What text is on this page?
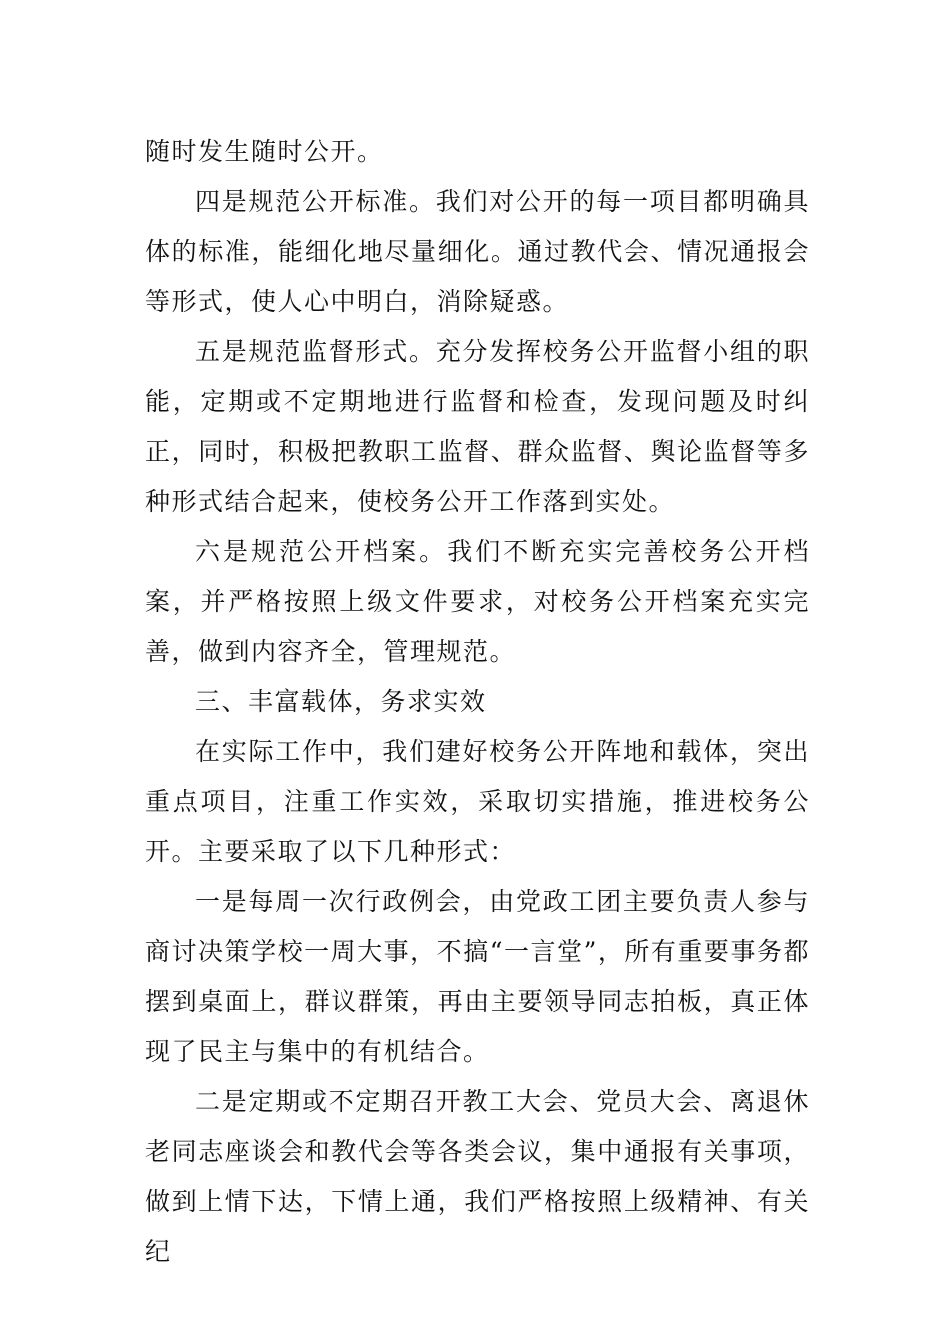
随时发生随时公开。

四是规范公开标准。我们对公开的每一项目都明确具体的标准，能细化地尽量细化。通过教代会、情况通报会等形式，使人心中明白，消除疑惑。

五是规范监督形式。充分发挥校务公开监督小组的职能，定期或不定期地进行监督和检查，发现问题及时纠正，同时，积极把教职工监督、群众监督、舆论监督等多种形式结合起来，使校务公开工作落到实处。

六是规范公开档案。我们不断充实完善校务公开档案，并严格按照上级文件要求，对校务公开档案充实完善，做到内容齐全，管理规范。

三、丰富载体，务求实效

在实际工作中，我们建好校务公开阵地和载体，突出重点项目，注重工作实效，采取切实措施，推进校务公开。主要采取了以下几种形式：

一是每周一次行政例会，由党政工团主要负责人参与商讨决策学校一周大事，不搞“一言堂”，所有重要事务都摆到桌面上，群议群策，再由主要领导同志拍板，真正体现了民主与集中的有机结合。

二是定期或不定期召开教工大会、党员大会、离退休老同志座谈会和教代会等各类会议，集中通报有关事项，做到上情下达，下情上通，我们严格按照上级精神、有关纪
